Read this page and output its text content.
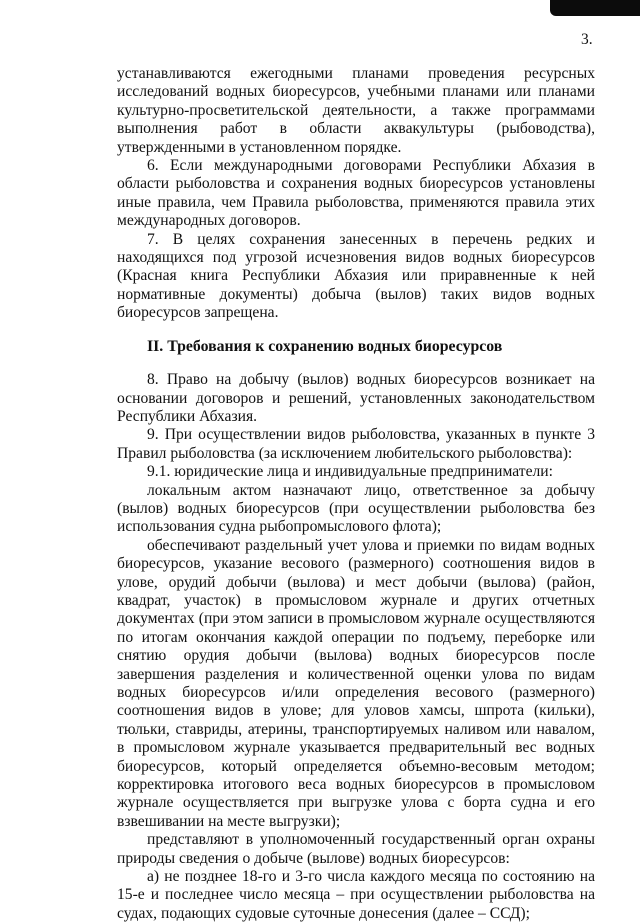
3.

устанавливаются ежегодными планами проведения ресурсных исследований водных биоресурсов, учебными планами или планами культурно-просветительской деятельности, а также программами выполнения работ в области аквакультуры (рыбоводства), утвержденными в установленном порядке.

6. Если международными договорами Республики Абхазия в области рыболовства и сохранения водных биоресурсов установлены иные правила, чем Правила рыболовства, применяются правила этих международных договоров.

7. В целях сохранения занесенных в перечень редких и находящихся под угрозой исчезновения видов водных биоресурсов (Красная книга Республики Абхазия или приравненные к ней нормативные документы) добыча (вылов) таких видов водных биоресурсов запрещена.

II. Требования к сохранению водных биоресурсов

8. Право на добычу (вылов) водных биоресурсов возникает на основании договоров и решений, установленных законодательством Республики Абхазия.

9. При осуществлении видов рыболовства, указанных в пункте 3 Правил рыболовства (за исключением любительского рыболовства):

9.1. юридические лица и индивидуальные предприниматели:

локальным актом назначают лицо, ответственное за добычу (вылов) водных биоресурсов (при осуществлении рыболовства без использования судна рыбопромыслового флота);

обеспечивают раздельный учет улова и приемки по видам водных биоресурсов, указание весового (размерного) соотношения видов в улове, орудий добычи (вылова) и мест добычи (вылова) (район, квадрат, участок) в промысловом журнале и других отчетных документах (при этом записи в промысловом журнале осуществляются по итогам окончания каждой операции по подъему, переборке или снятию орудия добычи (вылова) водных биоресурсов после завершения разделения и количественной оценки улова по видам водных биоресурсов и/или определения весового (размерного) соотношения видов в улове; для уловов хамсы, шпрота (кильки), тюльки, ставриды, атерины, транспортируемых наливом или навалом, в промысловом журнале указывается предварительный вес водных биоресурсов, который определяется объемно-весовым методом; корректировка итогового веса водных биоресурсов в промысловом журнале осуществляется при выгрузке улова с борта судна и его взвешивании на месте выгрузки);

представляют в уполномоченный государственный орган охраны природы сведения о добыче (вылове) водных биоресурсов:

а) не позднее 18-го и 3-го числа каждого месяца по состоянию на 15-е и последнее число месяца – при осуществлении рыболовства на судах, подающих судовые суточные донесения (далее – ССД);
